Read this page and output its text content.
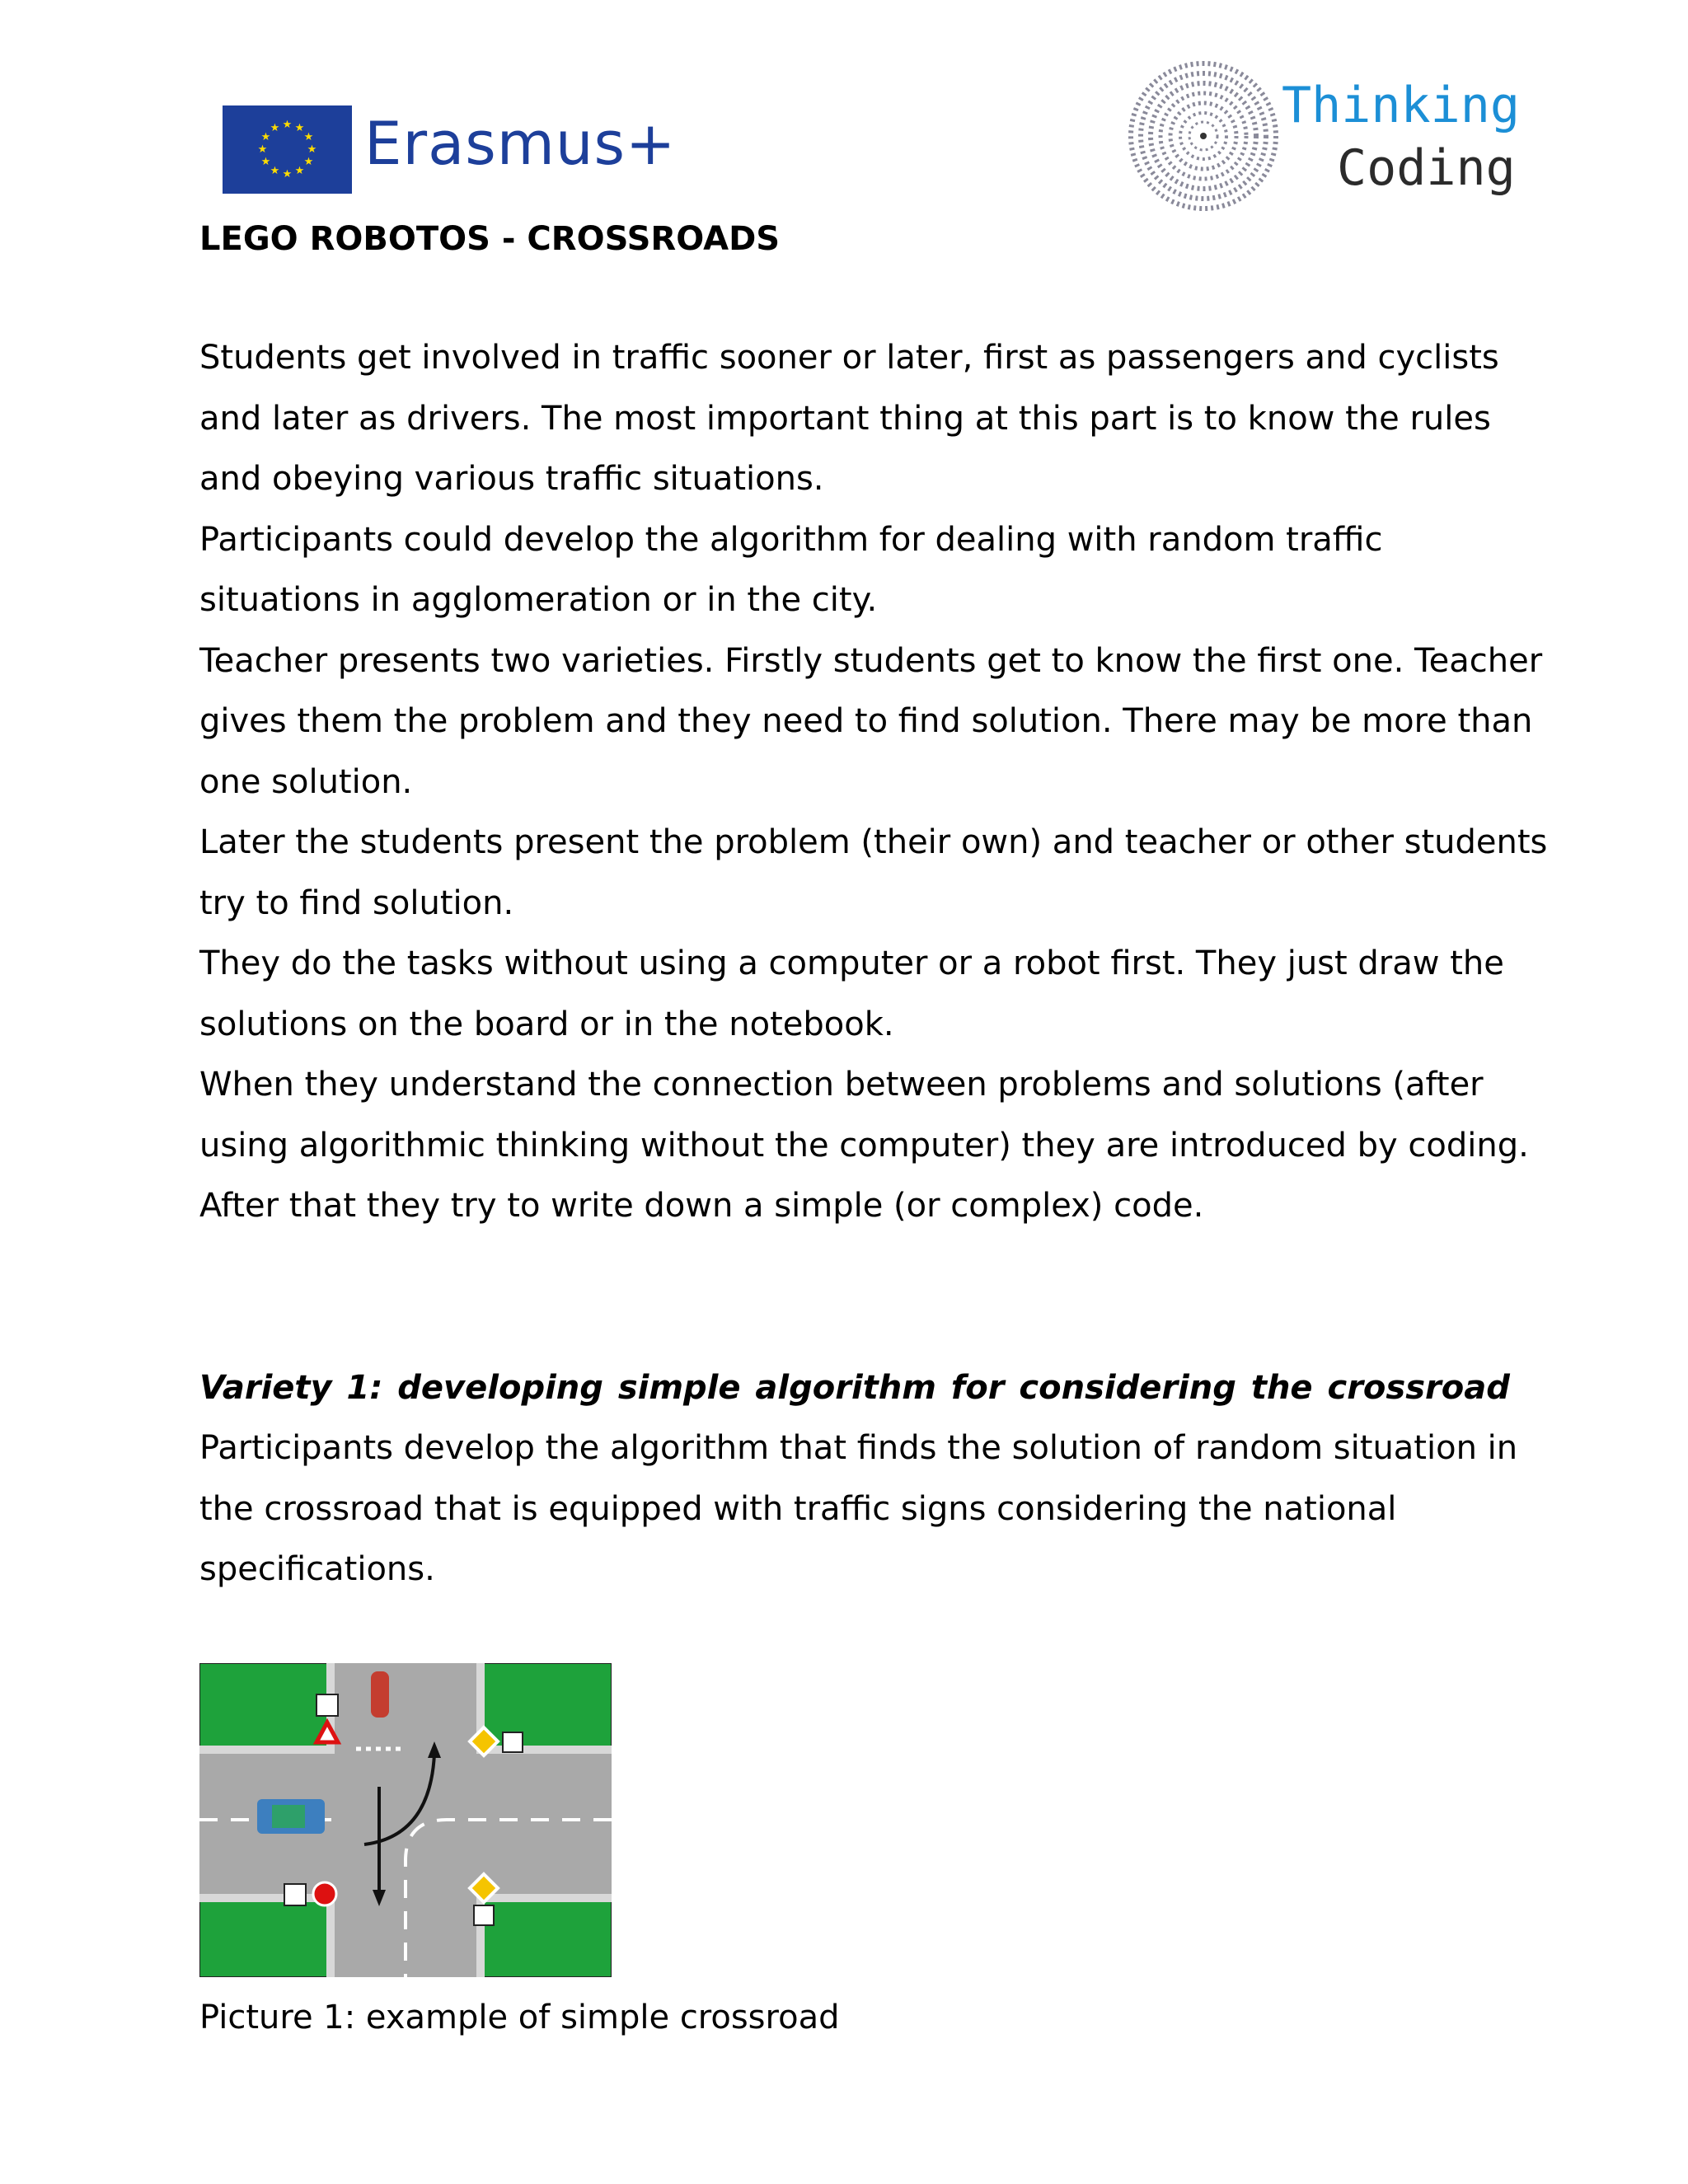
★ ★
★
★
★
★
★
★
★
★
★
★ Erasmus+
Thinking
Coding
LEGO ROBOTOS - CROSSROADS

Students get involved in traffic sooner or later, first as passengers and cyclists and later as drivers. The most important thing at this part is to know the rules and obeying various traffic situations.

Participants could develop the algorithm for dealing with random traffic situations in agglomeration or in the city.

Teacher presents two varieties. Firstly students get to know the first one. Teacher gives them the problem and they need to find solution. There may be more than one solution.

Later the students present the problem (their own) and teacher or other students try to find solution.

They do the tasks without using a computer or a robot first. They just draw the solutions on the board or in the notebook.

When they understand the connection between problems and solutions (after using algorithmic thinking without the computer) they are introduced by coding.

After that they try to write down a simple (or complex) code.

Variety 1: developing simple algorithm for considering the crossroad

Participants develop the algorithm that finds the solution of random situation in the crossroad that is equipped with traffic signs considering the national specifications.

Picture 1: example of simple crossroad
